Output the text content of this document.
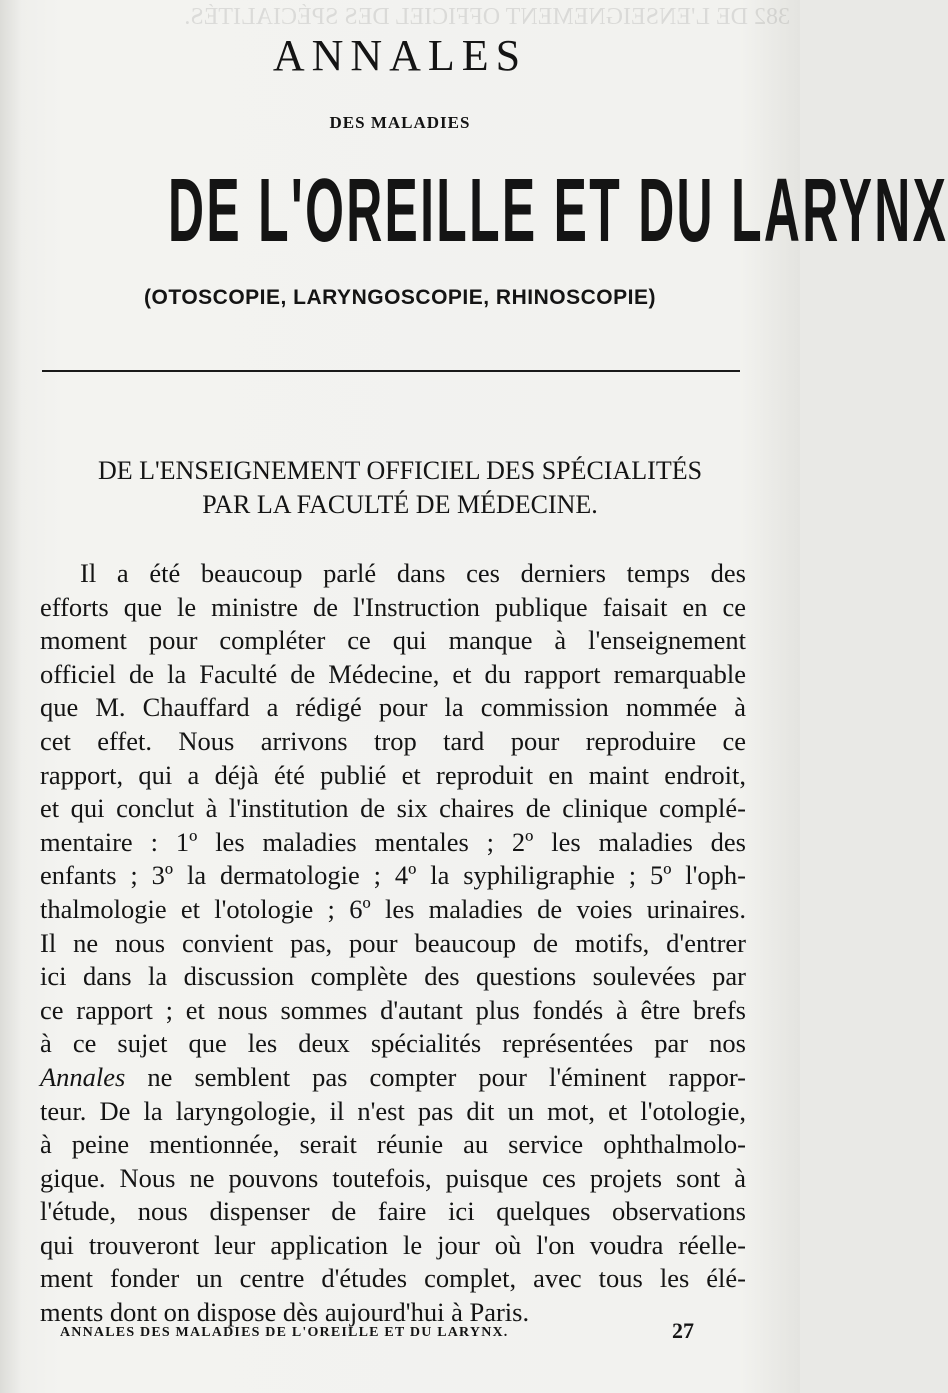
382 DE L'ENSEIGNEMENT OFFICIEL DES SPÉCIALITÉS.
ANNALES
DES MALADIES
DE L'OREILLE ET DU LARYNX
(OTOSCOPIE, LARYNGOSCOPIE, RHINOSCOPIE)
DE L'ENSEIGNEMENT OFFICIEL DES SPÉCIALITÉS
PAR LA FACULTÉ DE MÉDECINE.
Il a été beaucoup parlé dans ces derniers temps des
efforts que le ministre de l'Instruction publique faisait en ce
moment pour compléter ce qui manque à l'enseignement
officiel de la Faculté de Médecine, et du rapport remarquable
que M. Chauffard a rédigé pour la commission nommée à
cet effet. Nous arrivons trop tard pour reproduire ce
rapport, qui a déjà été publié et reproduit en maint endroit,
et qui conclut à l'institution de six chaires de clinique complé-
mentaire : 1º les maladies mentales ; 2º les maladies des
enfants ; 3º la dermatologie ; 4º la syphiligraphie ; 5º l'oph-
thalmologie et l'otologie ; 6º les maladies de voies urinaires.
Il ne nous convient pas, pour beaucoup de motifs, d'entrer
ici dans la discussion complète des questions soulevées par
ce rapport ; et nous sommes d'autant plus fondés à être brefs
à ce sujet que les deux spécialités représentées par nos
Annales ne semblent pas compter pour l'éminent rappor-
teur. De la laryngologie, il n'est pas dit un mot, et l'otologie,
à peine mentionnée, serait réunie au service ophthalmolo-
gique. Nous ne pouvons toutefois, puisque ces projets sont à
l'étude, nous dispenser de faire ici quelques observations
qui trouveront leur application le jour où l'on voudra réelle-
ment fonder un centre d'études complet, avec tous les élé-
ments dont on dispose dès aujourd'hui à Paris.
ANNALES DES MALADIES DE L'OREILLE ET DU LARYNX.	27
